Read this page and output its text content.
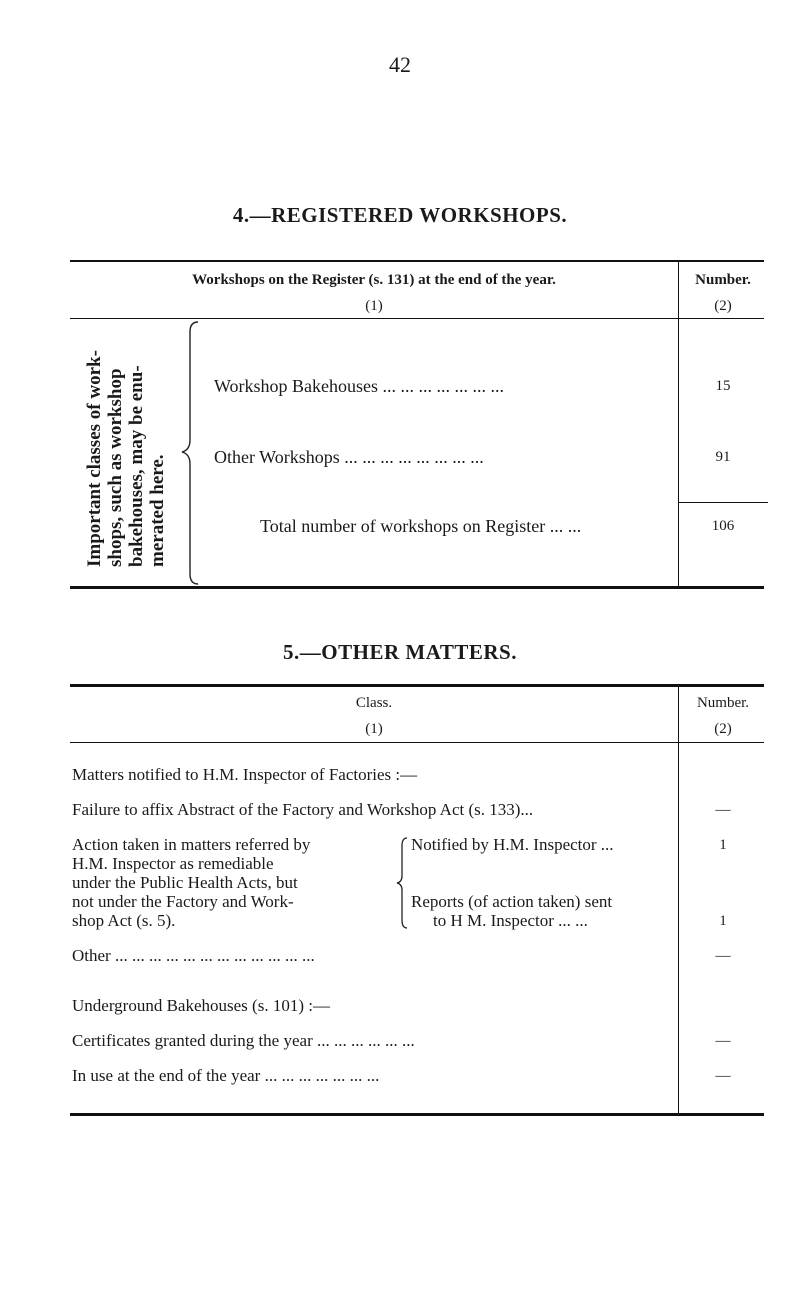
42
4.—REGISTERED WORKSHOPS.
Workshops on the Register (s. 131) at the end of the year.
(1)
Number.
(2)
Important classes of work- shops, such as workshop bakehouses, may be enu- merated here.
Workshop Bakehouses ... ... ... ... ... ... ...	15
Other Workshops ... ... ... ... ... ... ... ...	91
Total number of workshops on Register ... ...	106
5.—OTHER MATTERS.
Class.
(1)
Number.
(2)
Matters notified to H.M. Inspector of Factories :—
Failure to affix Abstract of the Factory and Workshop Act (s. 133)...	—
Action taken in matters referred by
H.M. Inspector as remediable
under the Public Health Acts, but
not under the Factory and Work-
shop Act (s. 5).
Notified by H.M. Inspector ...	1
Reports (of action taken) sent
to H M. Inspector ... ...	1
Other ... ... ... ... ... ... ... ... ... ... ... ...	—
Underground Bakehouses (s. 101) :—
Certificates granted during the year ... ... ... ... ... ...	—
In use at the end of the year ... ... ... ... ... ... ...	—
